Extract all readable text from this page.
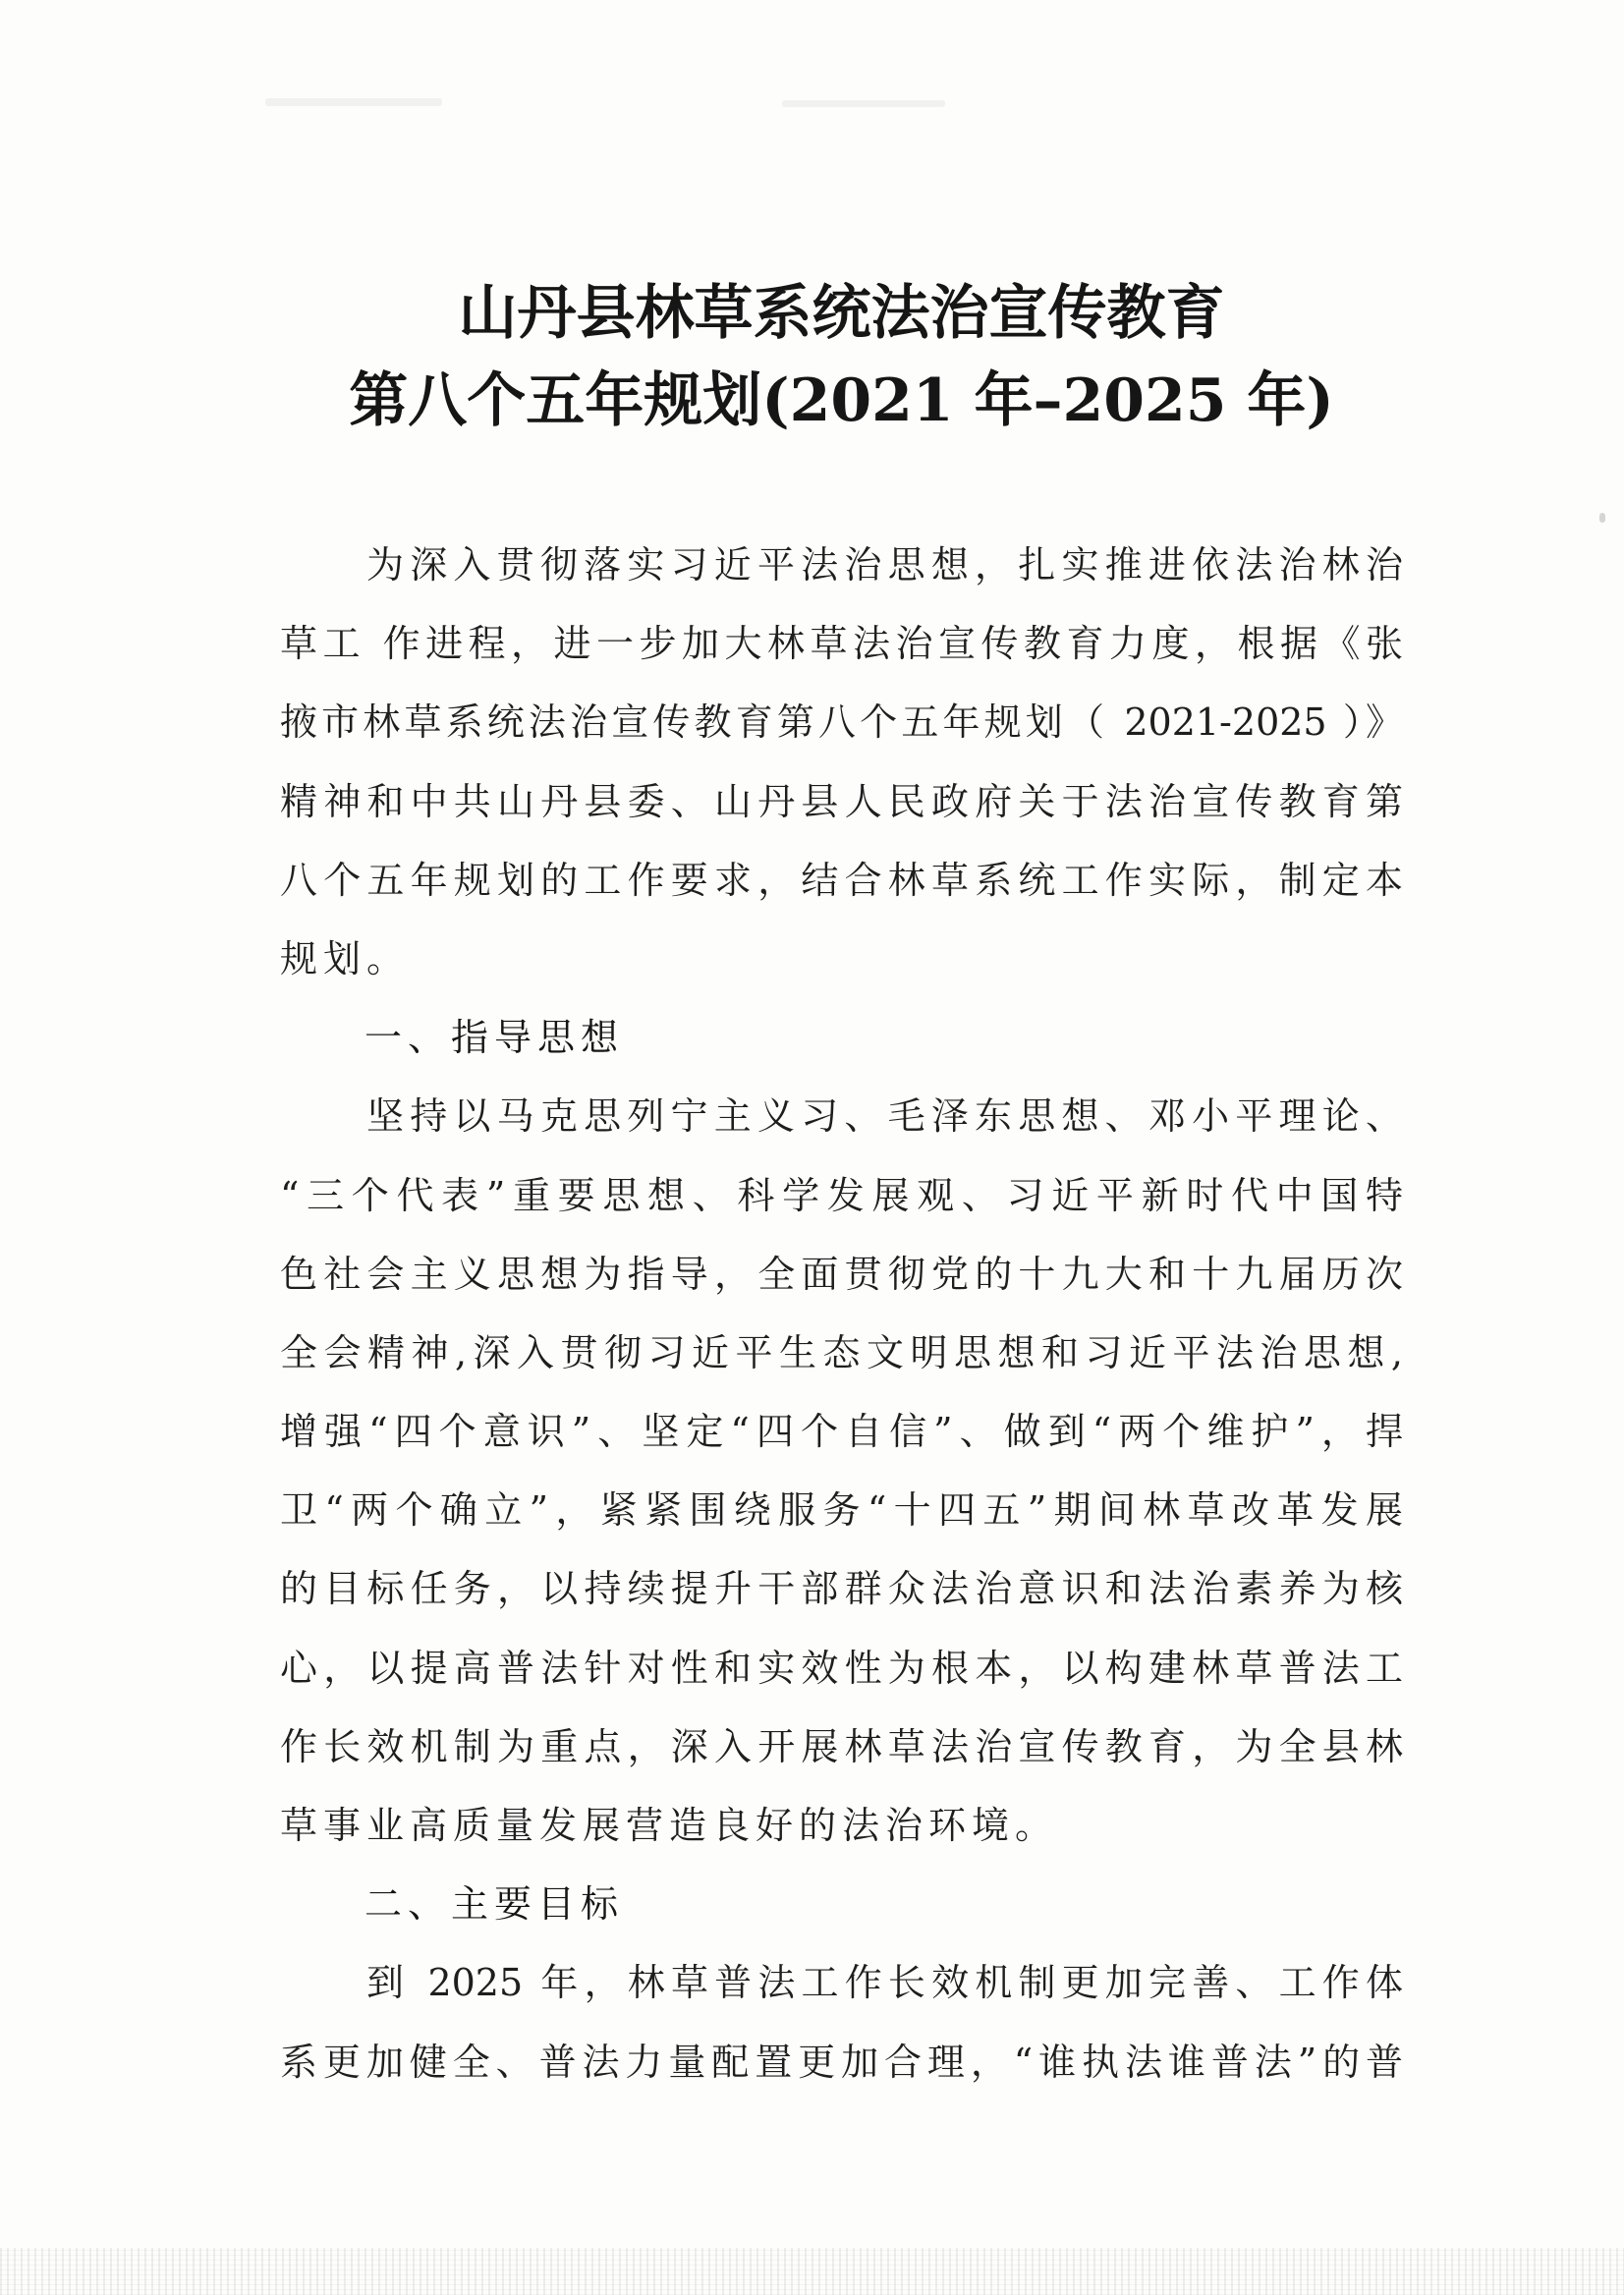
山丹县林草系统法治宣传教育
第八个五年规划(2021 年–2025 年)
为深入贯彻落实习近平法治思想，扎实推进依法治林治
草工 作进程，进一步加大林草法治宣传教育力度，根据《张
掖市林草系统法治宣传教育第八个五年规划（ 2021-2025 ）》
精神和中共山丹县委、山丹县人民政府关于法治宣传教育第
八个五年规划的工作要求，结合林草系统工作实际，制定本
规划。
一、指导思想
坚持以马克思列宁主义习、毛泽东思想、邓小平理论、
“三个代表”重要思想、科学发展观、习近平新时代中国特
色社会主义思想为指导，全面贯彻党的十九大和十九届历次
全会精神,深入贯彻习近平生态文明思想和习近平法治思想,
增强“四个意识”、坚定“四个自信”、做到“两个维护”，捍
卫“两个确立”，紧紧围绕服务“十四五”期间林草改革发展
的目标任务，以持续提升干部群众法治意识和法治素养为核
心，以提高普法针对性和实效性为根本，以构建林草普法工
作长效机制为重点，深入开展林草法治宣传教育，为全县林
草事业高质量发展营造良好的法治环境。
二、主要目标
到 2025 年，林草普法工作长效机制更加完善、工作体
系更加健全、普法力量配置更加合理，“谁执法谁普法”的普
